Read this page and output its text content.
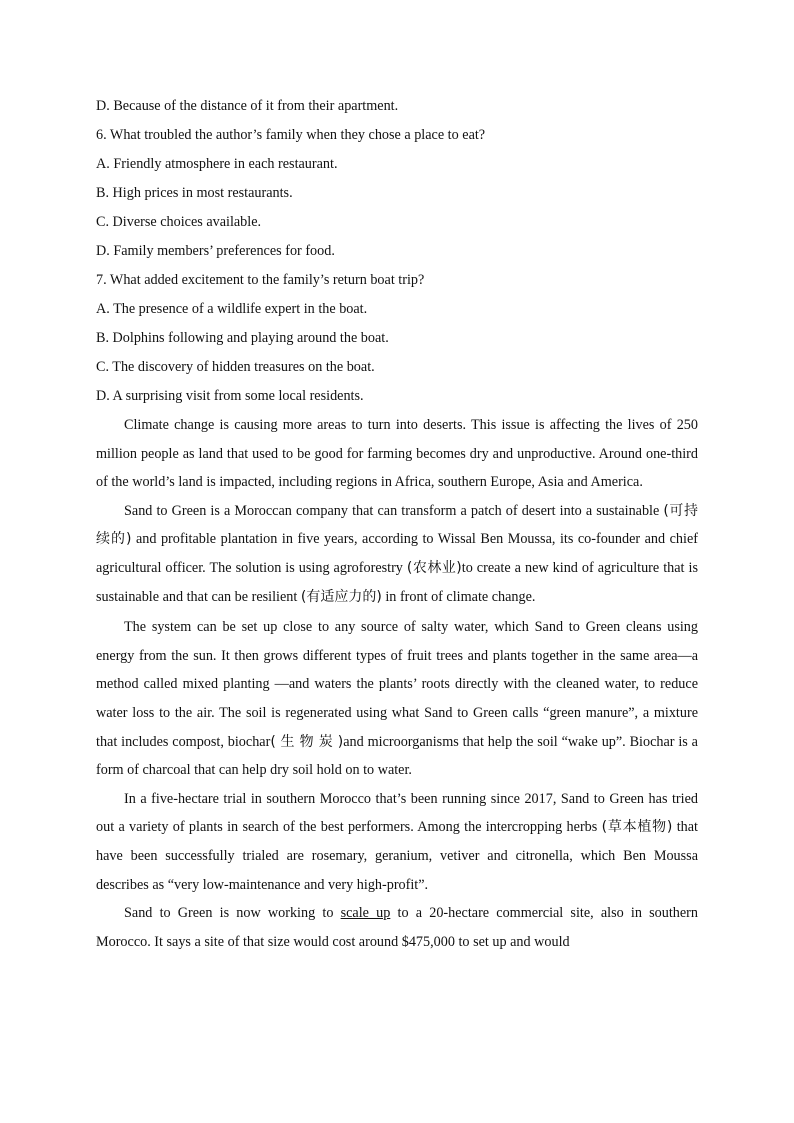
D. Because of the distance of it from their apartment.
6. What troubled the author’s family when they chose a place to eat?
A. Friendly atmosphere in each restaurant.
B. High prices in most restaurants.
C. Diverse choices available.
D. Family members’ preferences for food.
7. What added excitement to the family’s return boat trip?
A. The presence of a wildlife expert in the boat.
B. Dolphins following and playing around the boat.
C. The discovery of hidden treasures on the boat.
D. A surprising visit from some local residents.

Climate change is causing more areas to turn into deserts. This issue is affecting the lives of 250 million people as land that used to be good for farming becomes dry and unproductive. Around one-third of the world’s land is impacted, including regions in Africa, southern Europe, Asia and America.

Sand to Green is a Moroccan company that can transform a patch of desert into a sustainable (可持续的) and profitable plantation in five years, according to Wissal Ben Moussa, its co-founder and chief agricultural officer. The solution is using agroforestry (农林业)to create a new kind of agriculture that is sustainable and that can be resilient (有适应力的) in front of climate change.

The system can be set up close to any source of salty water, which Sand to Green cleans using energy from the sun. It then grows different types of fruit trees and plants together in the same area—a method called mixed planting —and waters the plants’ roots directly with the cleaned water, to reduce water loss to the air. The soil is regenerated using what Sand to Green calls “green manure”, a mixture that includes compost, biochar( 生 物 炭 )and microorganisms that help the soil “wake up”. Biochar is a form of charcoal that can help dry soil hold on to water.

In a five-hectare trial in southern Morocco that’s been running since 2017, Sand to Green has tried out a variety of plants in search of the best performers. Among the intercropping herbs (草本植物) that have been successfully trialed are rosemary, geranium, vetiver and citronella, which Ben Moussa describes as “very low-maintenance and very high-profit”.

Sand to Green is now working to scale up to a 20-hectare commercial site, also in southern Morocco. It says a site of that size would cost around $475,000 to set up and would
